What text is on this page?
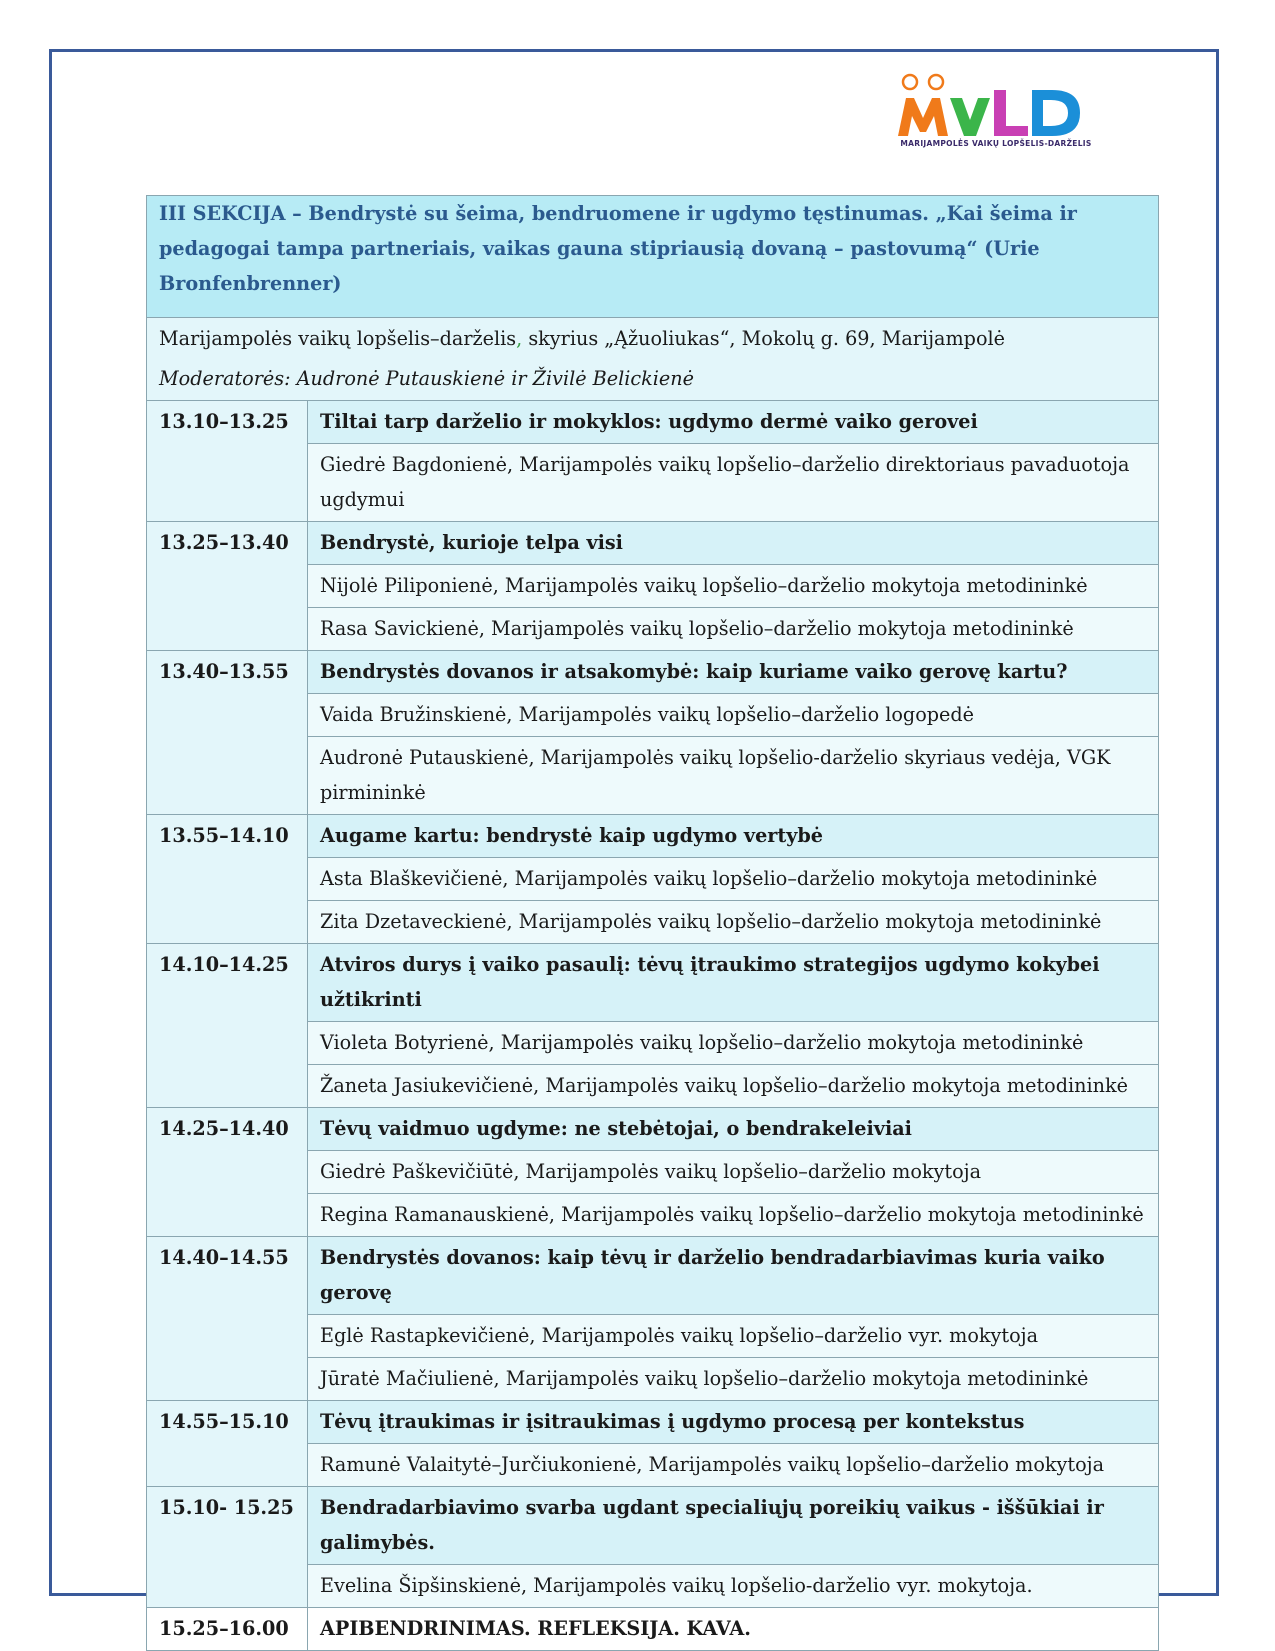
MARIJAMPOLĖS VAIKŲ LOPŠELIS-DARŽELIS
III SEKCIJA – Bendrystė su šeima, bendruomene ir ugdymo tęstinumas. „Kai šeima ir pedagogai tampa partneriais, vaikas gauna stipriausią dovaną – pastovumą“ (Urie Bronfenbrenner)	
Marijampolės vaikų lopšelis–darželis, skyrius „Ąžuoliukas“, Mokolų g. 69, Marijampolė
Moderatorės: Audronė Putauskienė ir Živilė Belickienė	

13.10–13.25	Tiltai tarp darželio ir mokyklos: ugdymo dermė vaiko gerovei
	Giedrė Bagdonienė, Marijampolės vaikų lopšelio–darželio direktoriaus pavaduotoja ugdymui
13.25–13.40	Bendrystė, kurioje telpa visi
	Nijolė Piliponienė, Marijampolės vaikų lopšelio–darželio mokytoja metodininkė
	Rasa Savickienė, Marijampolės vaikų lopšelio–darželio mokytoja metodininkė
13.40–13.55	Bendrystės dovanos ir atsakomybė: kaip kuriame vaiko gerovę kartu?
	Vaida Bružinskienė, Marijampolės vaikų lopšelio–darželio logopedė
	Audronė Putauskienė, Marijampolės vaikų lopšelio-darželio skyriaus vedėja, VGK pirmininkė
13.55–14.10	Augame kartu: bendrystė kaip ugdymo vertybė
	Asta Blaškevičienė, Marijampolės vaikų lopšelio–darželio mokytoja metodininkė
	Zita Dzetaveckienė, Marijampolės vaikų lopšelio–darželio mokytoja metodininkė
14.10–14.25	Atviros durys į vaiko pasaulį: tėvų įtraukimo strategijos ugdymo kokybei užtikrinti
	Violeta Botyrienė, Marijampolės vaikų lopšelio–darželio mokytoja metodininkė
	Žaneta Jasiukevičienė, Marijampolės vaikų lopšelio–darželio mokytoja metodininkė
14.25–14.40	Tėvų vaidmuo ugdyme: ne stebėtojai, o bendrakeleiviai
	Giedrė Paškevičiūtė, Marijampolės vaikų lopšelio–darželio mokytoja
	Regina Ramanauskienė, Marijampolės vaikų lopšelio–darželio mokytoja metodininkė
14.40–14.55	Bendrystės dovanos: kaip tėvų ir darželio bendradarbiavimas kuria vaiko gerovę
	Eglė Rastapkevičienė, Marijampolės vaikų lopšelio–darželio vyr. mokytoja
	Jūratė Mačiulienė, Marijampolės vaikų lopšelio–darželio mokytoja metodininkė
14.55–15.10	Tėvų įtraukimas ir įsitraukimas į ugdymo procesą per kontekstus
	Ramunė Valaitytė–Jurčiukonienė, Marijampolės vaikų lopšelio–darželio mokytoja
15.10- 15.25	Bendradarbiavimo svarba ugdant specialiųjų poreikių vaikus - iššūkiai ir galimybės.
	Evelina Šipšinskienė, Marijampolės vaikų lopšelio-darželio vyr. mokytoja.
15.25–16.00	APIBENDRINIMAS. REFLEKSIJA. KAVA.
